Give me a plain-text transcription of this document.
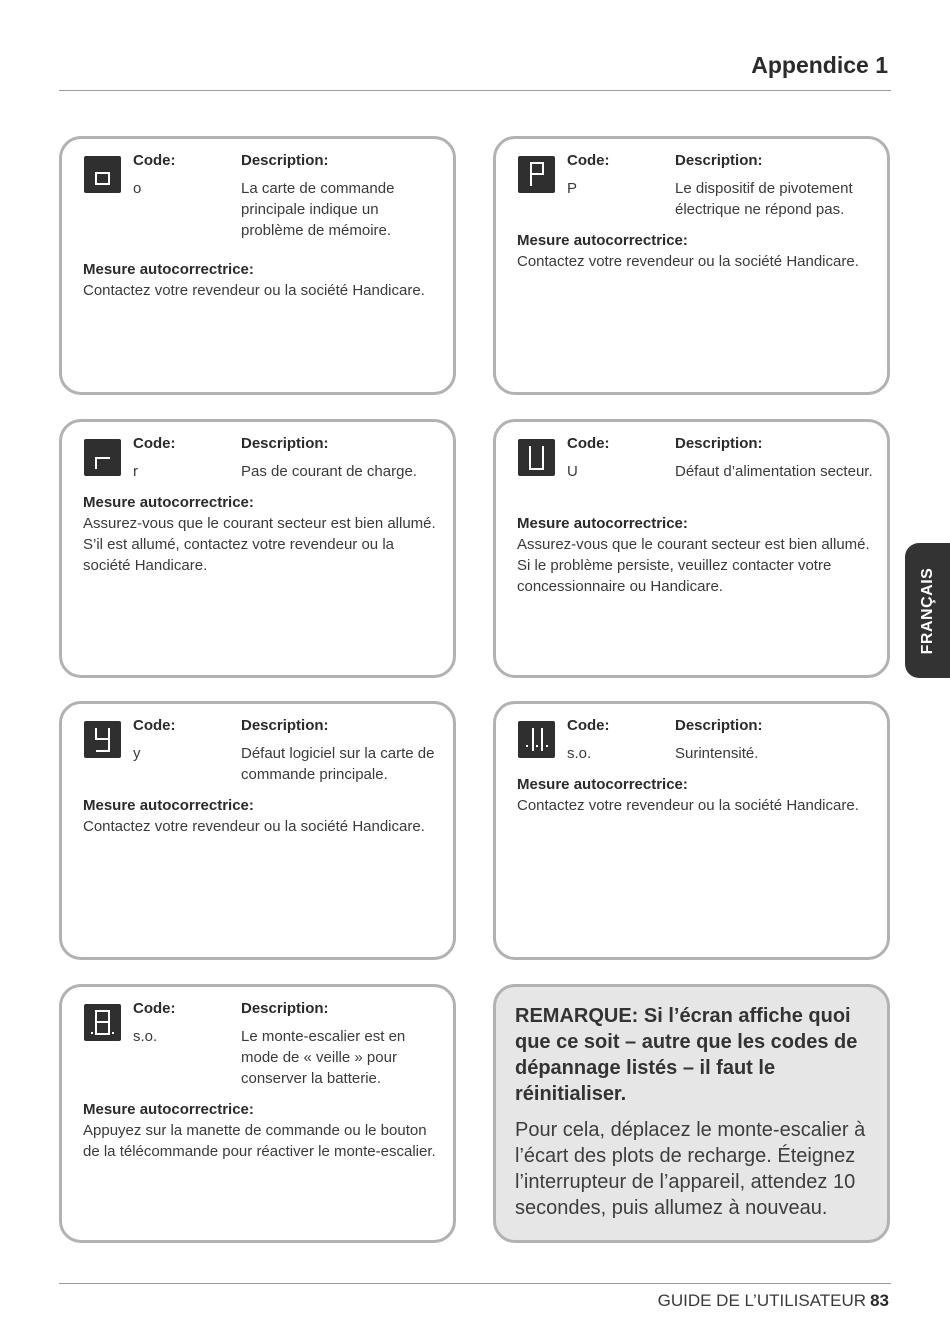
Appendice 1
Code:	Description:
o	La carte de commande principale indique un problème de mémoire.
Mesure autocorrectrice:

Contactez votre revendeur ou la société Handicare.

Code:	Description:
P	Le dispositif de pivotement électrique ne répond pas.
Mesure autocorrectrice:

Contactez votre revendeur ou la société Handicare.

Code:	Description:
r	Pas de courant de charge.
Mesure autocorrectrice:

Assurez-vous que le courant secteur est bien allumé. S’il est allumé, contactez votre revendeur ou la société Handicare.

Code:	Description:
U	Défaut d’alimentation secteur.
Mesure autocorrectrice:

Assurez-vous que le courant secteur est bien allumé. Si le problème persiste, veuillez contacter votre concessionnaire ou Handicare.

Code:	Description:
y	Défaut logiciel sur la carte de commande principale.
Mesure autocorrectrice:

Contactez votre revendeur ou la société Handicare.

Code:	Description:
s.o.	Surintensité.
Mesure autocorrectrice:

Contactez votre revendeur ou la société Handicare.

Code:	Description:
s.o.	Le monte-escalier est en mode de « veille » pour conserver la batterie.
Mesure autocorrectrice:

Appuyez sur la manette de commande ou le bouton de la télécommande pour réactiver le monte-escalier.

REMARQUE: Si l’écran affiche quoi que ce soit – autre que les codes de dépannage listés – il faut le réinitialiser.
Pour cela, déplacez le monte-escalier à l’écart des plots de recharge. Éteignez l’interrupteur de l’appareil, attendez 10 secondes, puis allumez à nouveau.
FRANÇAIS
GUIDE DE L’UTILISATEUR 83
